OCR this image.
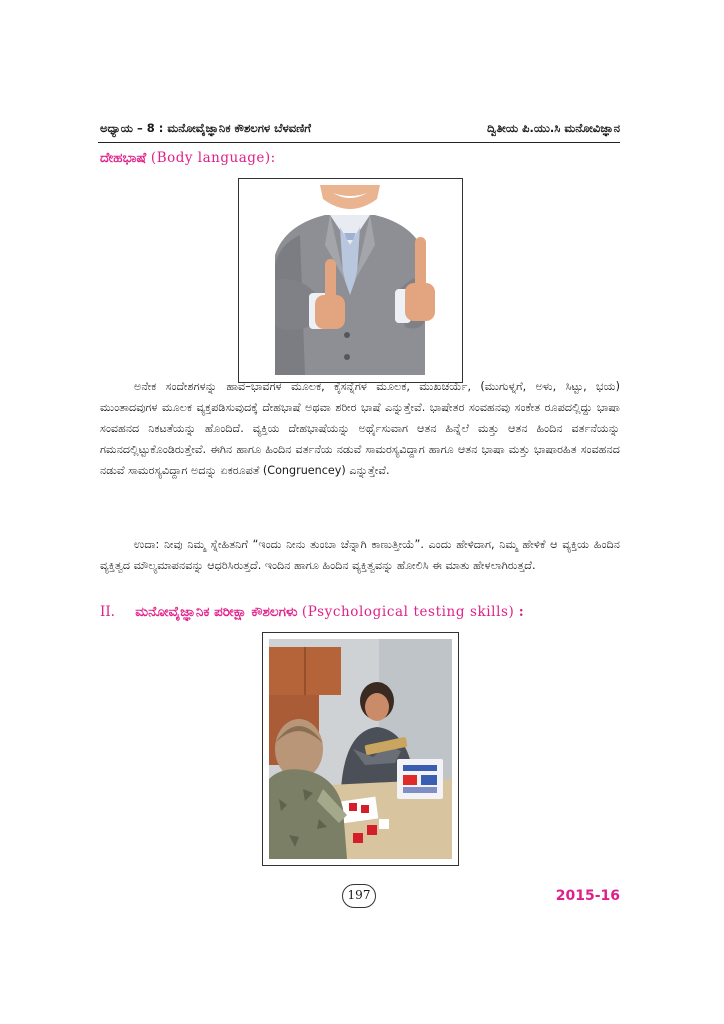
ಅಧ್ಯಾಯ – 8 : ಮನೋವೈಜ್ಞಾನಿಕ ಕೌಶಲಗಳ ಬೆಳವಣಿಗೆ	ದ್ವಿತೀಯ ಪಿ.ಯು.ಸಿ ಮನೋವಿಜ್ಞಾನ
ದೇಹಭಾಷೆ (Body language):

ಅನೇಕ ಸಂದೇಶಗಳನ್ನು ಹಾವ–ಭಾವಗಳ ಮೂಲಕ, ಕೈಸನ್ನೆಗಳ ಮೂಲಕ, ಮುಖಚರ್ಯೆ, (ಮುಗುಳ್ನಗೆ, ಅಳು, ಸಿಟ್ಟು, ಭಯ) ಮುಂತಾದವುಗಳ ಮೂಲಕ ವ್ಯಕ್ತಪಡಿಸುವುದಕ್ಕೆ ದೇಹಭಾಷೆ ಅಥವಾ ಶರೀರ ಭಾಷೆ ಎನ್ನುತ್ತೇವೆ. ಭಾಷೇತರ ಸಂವಹನವು ಸಂಕೇತ ರೂಪದಲ್ಲಿದ್ದು ಭಾಷಾ ಸಂವಹನದ ನಿಕಟತೆಯನ್ನು ಹೊಂದಿದೆ. ವ್ಯಕ್ತಿಯ ದೇಹಭಾಷೆಯನ್ನು ಅರ್ಥೈಸುವಾಗ ಆತನ ಹಿನ್ನೆಲೆ ಮತ್ತು ಆತನ ಹಿಂದಿನ ವರ್ತನೆಯನ್ನು ಗಮನದಲ್ಲಿಟ್ಟುಕೊಂಡಿರುತ್ತೇವೆ. ಈಗಿನ ಹಾಗೂ ಹಿಂದಿನ ವರ್ತನೆಯ ನಡುವೆ ಸಾಮರಸ್ಯವಿದ್ದಾಗ ಹಾಗೂ ಆತನ ಭಾಷಾ ಮತ್ತು ಭಾಷಾರಹಿತ ಸಂವಹನದ ನಡುವೆ ಸಾಮರಸ್ಯವಿದ್ದಾಗ ಅದನ್ನು ಏಕರೂಪತೆ (Congruencey) ಎನ್ನುತ್ತೇವೆ.

ಉದಾ: ನೀವು ನಿಮ್ಮ ಸ್ನೇಹಿತನಿಗೆ “ಇಂದು ನೀನು ತುಂಬಾ ಚೆನ್ನಾಗಿ ಕಾಣುತ್ತೀಯೆ”. ಎಂದು ಹೇಳಿದಾಗ, ನಿಮ್ಮ ಹೇಳಿಕೆ ಆ ವ್ಯಕ್ತಿಯ ಹಿಂದಿನ ವ್ಯಕ್ತಿತ್ವದ ಮೌಲ್ಯಮಾಪನವನ್ನು ಆಧರಿಸಿರುತ್ತದೆ. ಇಂದಿನ ಹಾಗೂ ಹಿಂದಿನ ವ್ಯಕ್ತಿತ್ವವನ್ನು ಹೋಲಿಸಿ ಈ ಮಾತು ಹೇಳಲಾಗಿರುತ್ತದೆ.

II. ಮನೋವೈಜ್ಞಾನಿಕ ಪರೀಕ್ಷಾ ಕೌಶಲಗಳು (Psychological testing skills) :
197	2015-16
